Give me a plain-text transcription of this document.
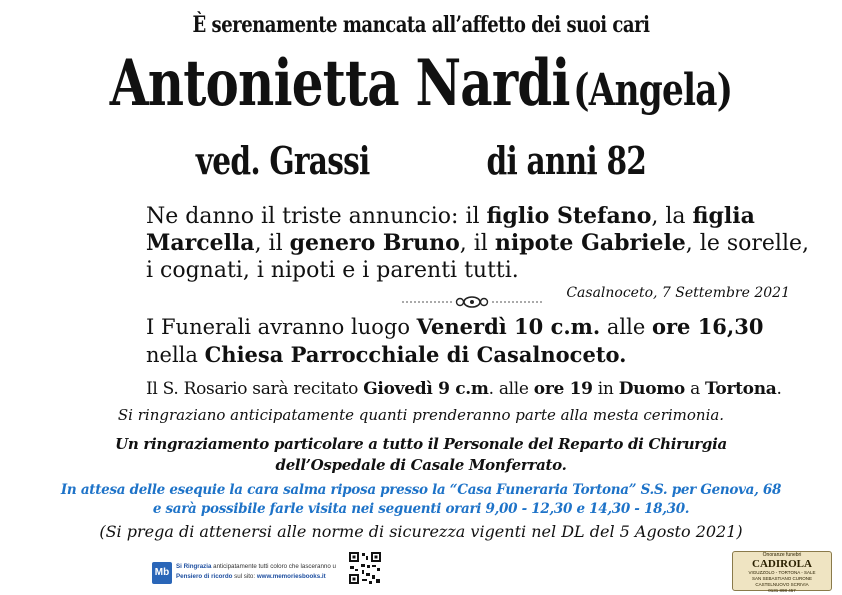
È serenamente mancata all’affetto dei suoi cari
Antonietta Nardi (Angela)
ved. Grassi	di anni 82
Ne danno il triste annuncio: il figlio Stefano, la figlia Marcella, il genero Bruno, il nipote Gabriele, le sorelle, i cognati, i nipoti e i parenti tutti.
Casalnoceto, 7 Settembre 2021
I Funerali avranno luogo Venerdì 10 c.m. alle ore 16,30
nella Chiesa Parrocchiale di Casalnoceto.
Il S. Rosario sarà recitato Giovedì 9 c.m. alle ore 19 in Duomo a Tortona.
Si ringraziano anticipatamente quanti prenderanno parte alla mesta cerimonia.
Un ringraziamento particolare a tutto il Personale del Reparto di Chirurgia
dell’Ospedale di Casale Monferrato.
In attesa delle esequie la cara salma riposa presso la “Casa Funeraria Tortona” S.S. per Genova, 68
e sarà possibile farle visita nei seguenti orari 9,00 - 12,30 e 14,30 - 18,30.
(Si prega di attenersi alle norme di sicurezza vigenti nel DL del 5 Agosto 2021)
Mb
Si Ringrazia anticipatamente tutti coloro che lasceranno u
Pensiero di ricordo sul sito: www.memoriesbooks.it
Onoranze funebri
CADIROLA
VIGUZZOLO - TORTONA - SALE
SAN SEBASTIANO CURONE
CASTELNUOVO SCRIVIA
0131 898 457
